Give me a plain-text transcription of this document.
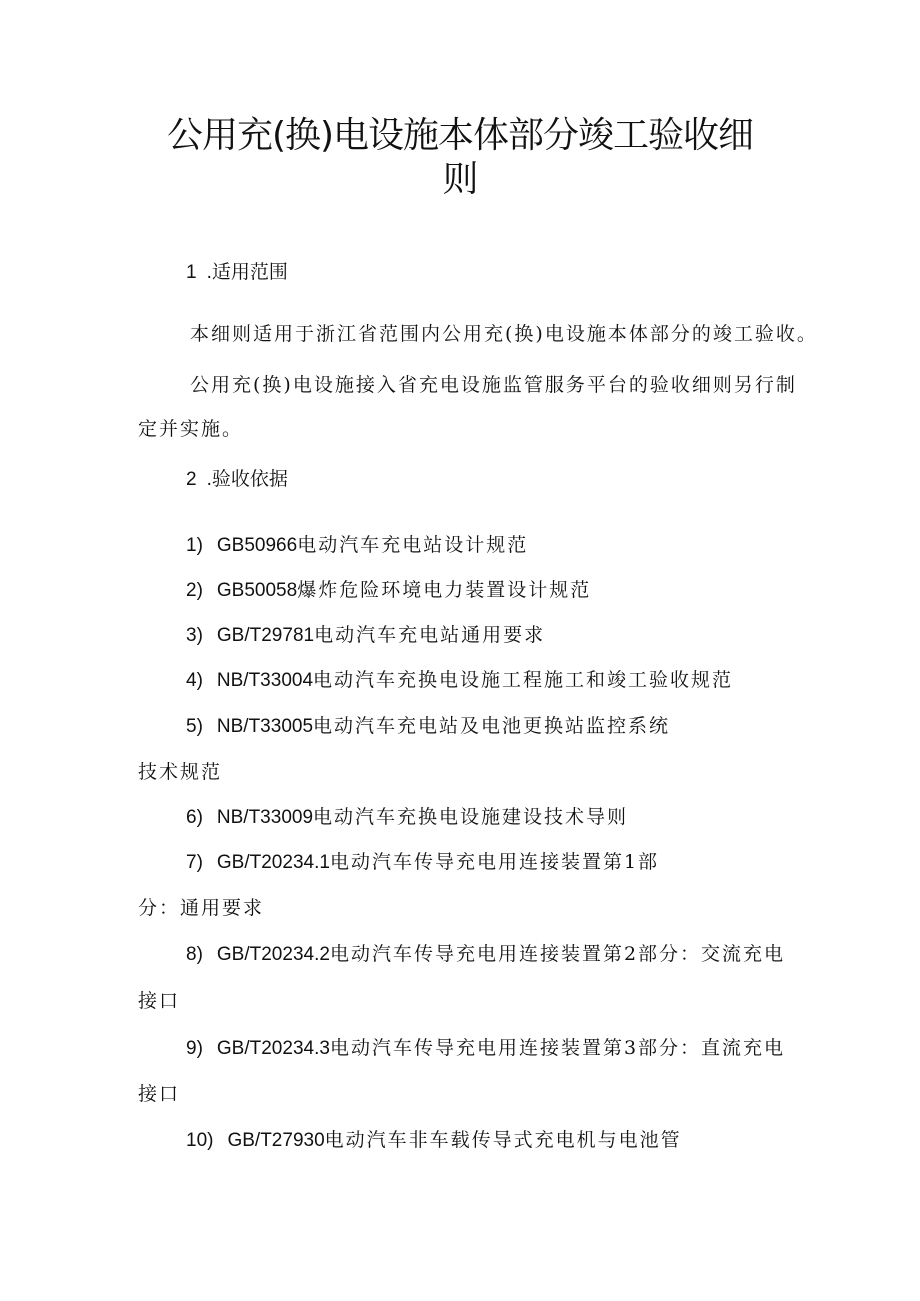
公用充(换)电设施本体部分竣工验收细
则

1 .适用范围

本细则适用于浙江省范围内公用充(换)电设施本体部分的竣工验收。

公用充(换)电设施接入省充电设施监管服务平台的验收细则另行制

定并实施。

2 .验收依据

1) GB50966电动汽车充电站设计规范

2) GB50058爆炸危险环境电力装置设计规范

3) GB/T29781电动汽车充电站通用要求

4) NB/T33004电动汽车充换电设施工程施工和竣工验收规范

5) NB/T33005电动汽车充电站及电池更换站监控系统

技术规范

6) NB/T33009电动汽车充换电设施建设技术导则

7) GB/T20234.1电动汽车传导充电用连接装置第1部

分：通用要求

8) GB/T20234.2电动汽车传导充电用连接装置第2部分：交流充电

接口

9) GB/T20234.3电动汽车传导充电用连接装置第3部分：直流充电

接口

10) GB/T27930电动汽车非车载传导式充电机与电池管
